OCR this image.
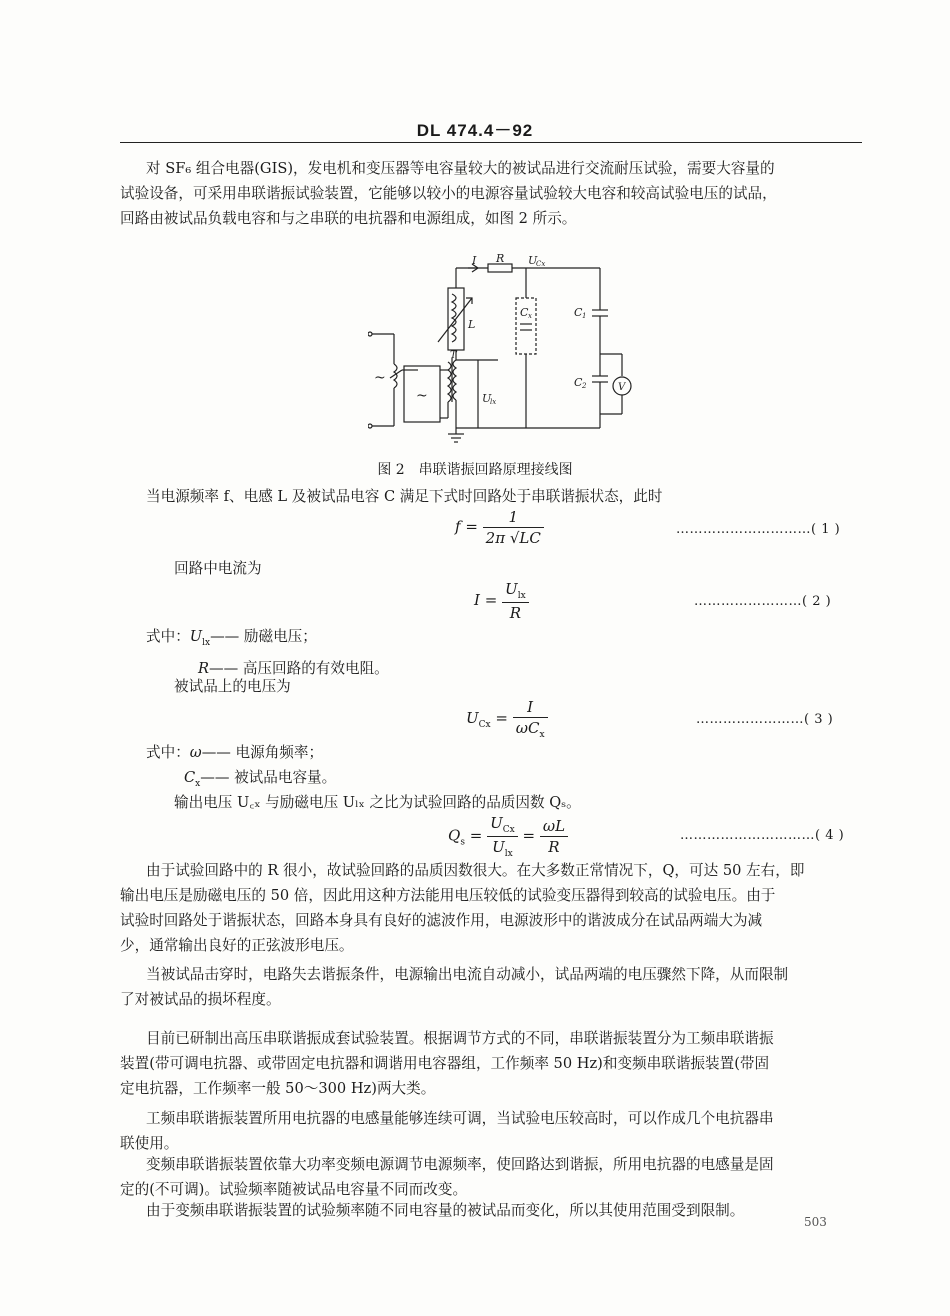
DL 474.4－92
对 SF₆ 组合电器(GIS)，发电机和变压器等电容量较大的被试品进行交流耐压试验，需要大容量的
试验设备，可采用串联谐振试验装置，它能够以较小的电源容量试验较大电容和较高试验电压的试品，
回路由被试品负载电容和与之串联的电抗器和电源组成，如图 2 所示。
I R U
Cx
L
C x	C 1
C 2	V
T
U
lx
~
~
图 2　串联谐振回路原理接线图
当电源频率 f、电感 L 及被试品电容 C 满足下式时回路处于串联谐振状态，此时
$f = \frac{1}{2\pi √LC}$	…………………………( 1 )
回路中电流为
$I = \frac{U_{lx}}{R}$	……………………( 2 )
式中：$U_{lx}——$ 励磁电压；
R—— 高压回路的有效电阻。
被试品上的电压为
$U_{Cx} = \frac{I}{\omega C_x}$	……………………( 3 )
式中：ω—— 电源角频率；
$C_x——$ 被试品电容量。
输出电压 U꜀ₓ 与励磁电压 Uₗₓ 之比为试验回路的品质因数 Qₛ。
$Q_s = \frac{U_{Cx}}{U_{lx}} = \frac{\omega L}{R}$	…………………………( 4 )
由于试验回路中的 R 很小，故试验回路的品质因数很大。在大多数正常情况下，Q，可达 50 左右，即
输出电压是励磁电压的 50 倍，因此用这种方法能用电压较低的试验变压器得到较高的试验电压。由于
试验时回路处于谐振状态，回路本身具有良好的滤波作用，电源波形中的谐波成分在试品两端大为减
少，通常输出良好的正弦波形电压。
当被试品击穿时，电路失去谐振条件，电源输出电流自动减小，试品两端的电压骤然下降，从而限制
了对被试品的损坏程度。
目前已研制出高压串联谐振成套试验装置。根据调节方式的不同，串联谐振装置分为工频串联谐振
装置(带可调电抗器、或带固定电抗器和调谐用电容器组，工作频率 50 Hz)和变频串联谐振装置(带固
定电抗器，工作频率一般 50～300 Hz)两大类。
工频串联谐振装置所用电抗器的电感量能够连续可调，当试验电压较高时，可以作成几个电抗器串
联使用。
变频串联谐振装置依靠大功率变频电源调节电源频率，使回路达到谐振，所用电抗器的电感量是固
定的(不可调)。试验频率随被试品电容量不同而改变。
由于变频串联谐振装置的试验频率随不同电容量的被试品而变化，所以其使用范围受到限制。
503
